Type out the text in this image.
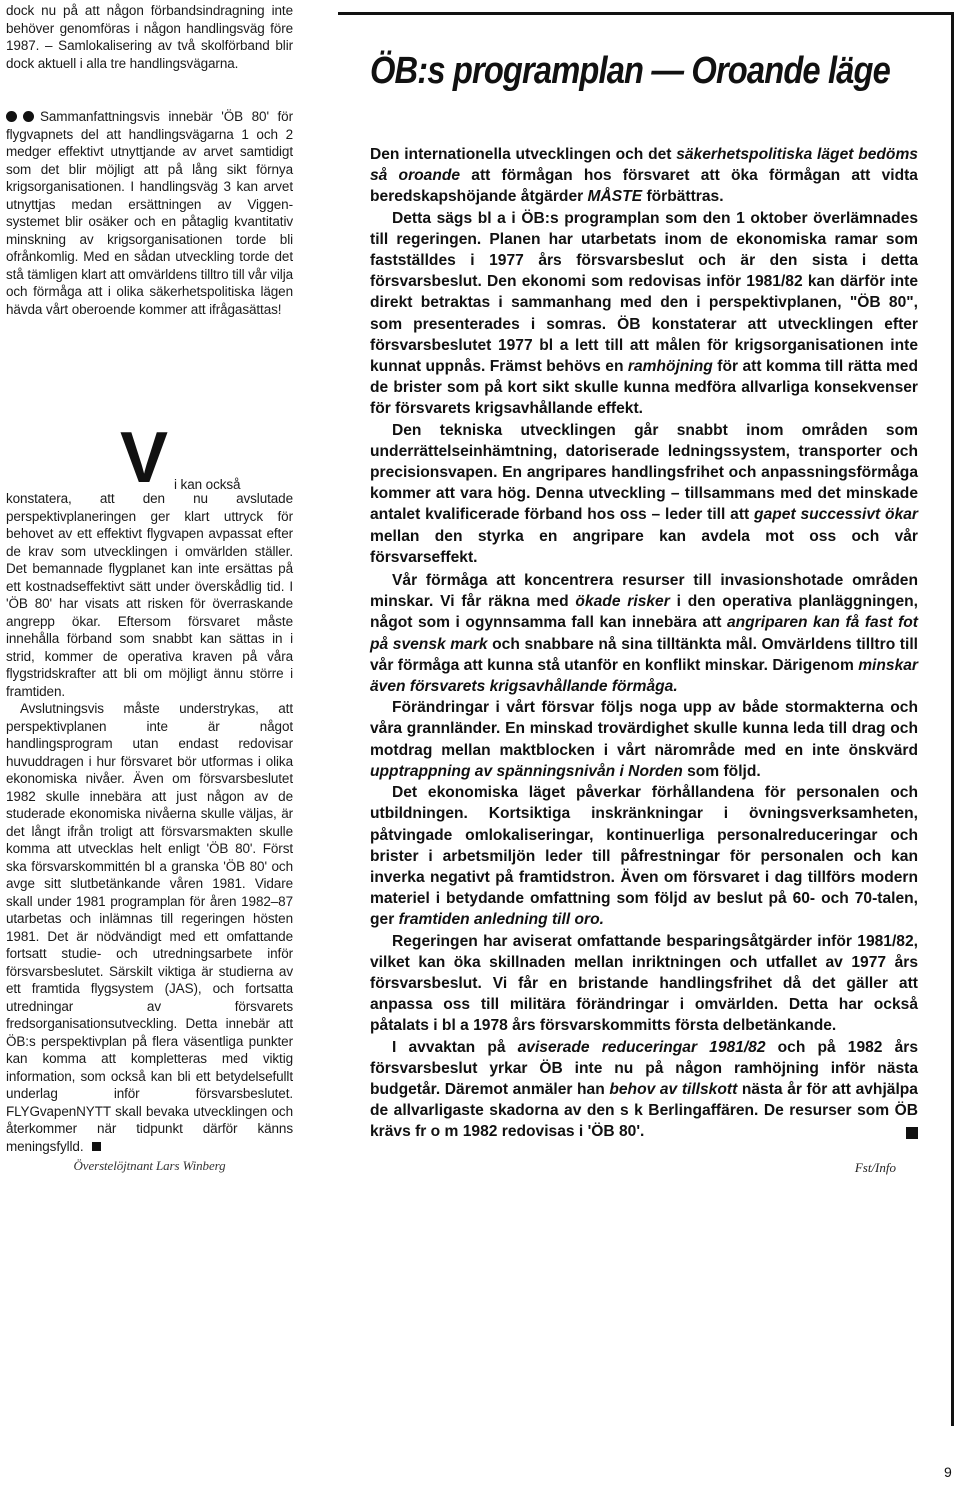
dock nu på att någon förbandsindragning inte behöver genomföras i någon handlingsväg före 1987. – Samlokalisering av två skolförband blir dock aktuell i alla tre handlingsvägarna.

Sammanfattningsvis innebär 'ÖB 80' för flygvapnets del att handlingsvägarna 1 och 2 medger effektivt utnyttjande av arvet samtidigt som det blir möjligt att på lång sikt förnya krigsorganisationen. I handlingsväg 3 kan arvet utnyttjas medan ersättningen av Viggen-systemet blir osäker och en påtaglig kvantitativ minskning av krigsorganisationen torde bli ofrånkomlig. Med en sådan utveckling torde det stå tämligen klart att omvärldens tilltro till vår vilja och förmåga att i olika säkerhetspolitiska lägen hävda vårt oberoende kommer att ifrågasättas!

V i kan också

konstatera, att den nu avslutade perspektivplaneringen ger klart uttryck för behovet av ett effektivt flygvapen avpassat efter de krav som utvecklingen i omvärlden ställer. Det bemannade flygplanet kan inte ersättas på ett kostnadseffektivt sätt under överskådlig tid. I 'ÖB 80' har visats att risken för överraskande angrepp ökar. Eftersom försvaret måste innehålla förband som snabbt kan sättas in i strid, kommer de operativa kraven på våra flygstridskrafter att bli om möjligt ännu större i framtiden.

Avslutningsvis måste understrykas, att perspektivplanen inte är något handlingsprogram utan endast redovisar huvuddragen i hur försvaret bör utformas i olika ekonomiska nivåer. Även om försvarsbeslutet 1982 skulle innebära att just någon av de studerade ekonomiska nivåerna skulle väljas, är det långt ifrån troligt att försvarsmakten skulle komma att utvecklas helt enligt 'ÖB 80'. Först ska försvarskommittén bl a granska 'ÖB 80' och avge sitt slutbetänkande våren 1981. Vidare skall under 1981 programplan för åren 1982–87 utarbetas och inlämnas till regeringen hösten 1981. Det är nödvändigt med ett omfattande fortsatt studie- och utredningsarbete inför försvarsbeslutet. Särskilt viktiga är studierna av ett framtida flygsystem (JAS), och fortsatta utredningar av försvarets fredsorganisationsutveckling. Detta innebär att ÖB:s perspektivplan på flera väsentliga punkter kan komma att kompletteras med viktig information, som också kan bli ett betydelsefullt underlag inför försvarsbeslutet. FLYGvapenNYTT skall bevaka utvecklingen och återkommer när tidpunkt därför känns meningsfylld.

Överstelöjtnant Lars Winberg
ÖB:s programplan — Oroande läge

Den internationella utvecklingen och det säkerhetspolitiska läget bedöms så oroande att förmågan hos försvaret att öka förmågan att vidta beredskapshöjande åtgärder MÅSTE förbättras.

Detta sägs bl a i ÖB:s programplan som den 1 oktober överlämnades till regeringen. Planen har utarbetats inom de ekonomiska ramar som fastställdes i 1977 års försvarsbeslut och är den sista i detta försvarsbeslut. Den ekonomi som redovisas inför 1981/82 kan därför inte direkt betraktas i sammanhang med den i perspektivplanen, "ÖB 80", som presenterades i somras. ÖB konstaterar att utvecklingen efter försvarsbeslutet 1977 bl a lett till att målen för krigsorganisationen inte kunnat uppnås. Främst behövs en ramhöjning för att komma till rätta med de brister som på kort sikt skulle kunna medföra allvarliga konsekvenser för försvarets krigsavhållande effekt.

Den tekniska utvecklingen går snabbt inom områden som underrättelseinhämtning, datoriserade ledningssystem, transporter och precisionsvapen. En angripares handlingsfrihet och anpassningsförmåga kommer att vara hög. Denna utveckling – tillsammans med det minskade antalet kvalificerade förband hos oss – leder till att gapet successivt ökar mellan den styrka en angripare kan avdela mot oss och vår försvarseffekt.

Vår förmåga att koncentrera resurser till invasionshotade områden minskar. Vi får räkna med ökade risker i den operativa planläggningen, något som i ogynnsamma fall kan innebära att angriparen kan få fast fot på svensk mark och snabbare nå sina tilltänkta mål. Omvärldens tilltro till vår förmåga att kunna stå utanför en konflikt minskar. Därigenom minskar även försvarets krigsavhållande förmåga.

Förändringar i vårt försvar följs noga upp av både stormakterna och våra grannländer. En minskad trovärdighet skulle kunna leda till drag och motdrag mellan maktblocken i vårt närområde med en inte önskvärd upptrappning av spänningsnivån i Norden som följd.

Det ekonomiska läget påverkar förhållandena för personalen och utbildningen. Kortsiktiga inskränkningar i övningsverksamheten, påtvingade omlokaliseringar, kontinuerliga personalreduceringar och brister i arbetsmiljön leder till påfrestningar för personalen och kan inverka negativt på framtidstron. Även om försvaret i dag tillförs modern materiel i betydande omfattning som följd av beslut på 60- och 70-talen, ger framtiden anledning till oro.

Regeringen har aviserat omfattande besparingsåtgärder inför 1981/82, vilket kan öka skillnaden mellan inriktningen och utfallet av 1977 års försvarsbeslut. Vi får en bristande handlingsfrihet då det gäller att anpassa oss till militära förändringar i omvärlden. Detta har också påtalats i bl a 1978 års försvarskommitts första delbetänkande.

I avvaktan på aviserade reduceringar 1981/82 och på 1982 års försvarsbeslut yrkar ÖB inte nu på någon ramhöjning inför nästa budgetår. Däremot anmäler han behov av tillskott nästa år för att avhjälpa de allvarligaste skadorna av den s k Berlingaffären. De resurser som ÖB krävs fr o m 1982 redovisas i 'ÖB 80'.

Fst/Info
9
